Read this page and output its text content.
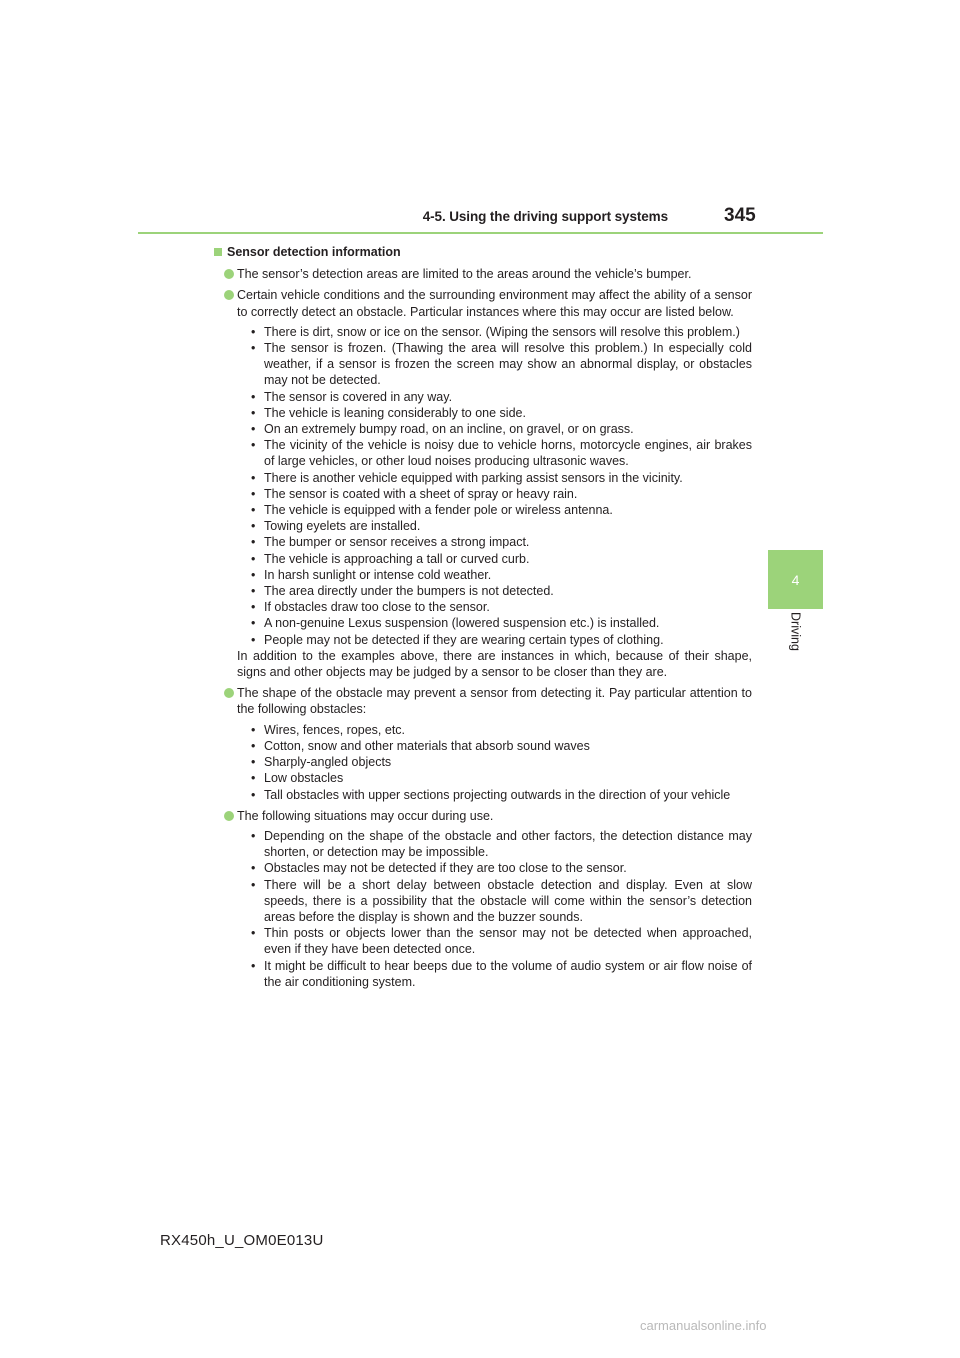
4-5. Using the driving support systems	345
4
Driving
Sensor detection information
The sensor’s detection areas are limited to the areas around the vehicle’s bumper.
Certain vehicle conditions and the surrounding environment may affect the ability of a sensor to correctly detect an obstacle. Particular instances where this may occur are listed below.
• There is dirt, snow or ice on the sensor. (Wiping the sensors will resolve this problem.)
• The sensor is frozen. (Thawing the area will resolve this problem.) In especially cold weather, if a sensor is frozen the screen may show an abnormal display, or obstacles may not be detected.
• The sensor is covered in any way.
• The vehicle is leaning considerably to one side.
• On an extremely bumpy road, on an incline, on gravel, or on grass.
• The vicinity of the vehicle is noisy due to vehicle horns, motorcycle engines, air brakes of large vehicles, or other loud noises producing ultrasonic waves.
• There is another vehicle equipped with parking assist sensors in the vicinity.
• The sensor is coated with a sheet of spray or heavy rain.
• The vehicle is equipped with a fender pole or wireless antenna.
• Towing eyelets are installed.
• The bumper or sensor receives a strong impact.
• The vehicle is approaching a tall or curved curb.
• In harsh sunlight or intense cold weather.
• The area directly under the bumpers is not detected.
• If obstacles draw too close to the sensor.
• A non-genuine Lexus suspension (lowered suspension etc.) is installed.
• People may not be detected if they are wearing certain types of clothing.
In addition to the examples above, there are instances in which, because of their shape, signs and other objects may be judged by a sensor to be closer than they are.
The shape of the obstacle may prevent a sensor from detecting it. Pay particular attention to the following obstacles:
• Wires, fences, ropes, etc.
• Cotton, snow and other materials that absorb sound waves
• Sharply-angled objects
• Low obstacles
• Tall obstacles with upper sections projecting outwards in the direction of your vehicle
The following situations may occur during use.
• Depending on the shape of the obstacle and other factors, the detection distance may shorten, or detection may be impossible.
• Obstacles may not be detected if they are too close to the sensor.
• There will be a short delay between obstacle detection and display. Even at slow speeds, there is a possibility that the obstacle will come within the sensor’s detection areas before the display is shown and the buzzer sounds.
• Thin posts or objects lower than the sensor may not be detected when approached, even if they have been detected once.
• It might be difficult to hear beeps due to the volume of audio system or air flow noise of the air conditioning system.
RX450h_U_OM0E013U
carmanualsonline.info
